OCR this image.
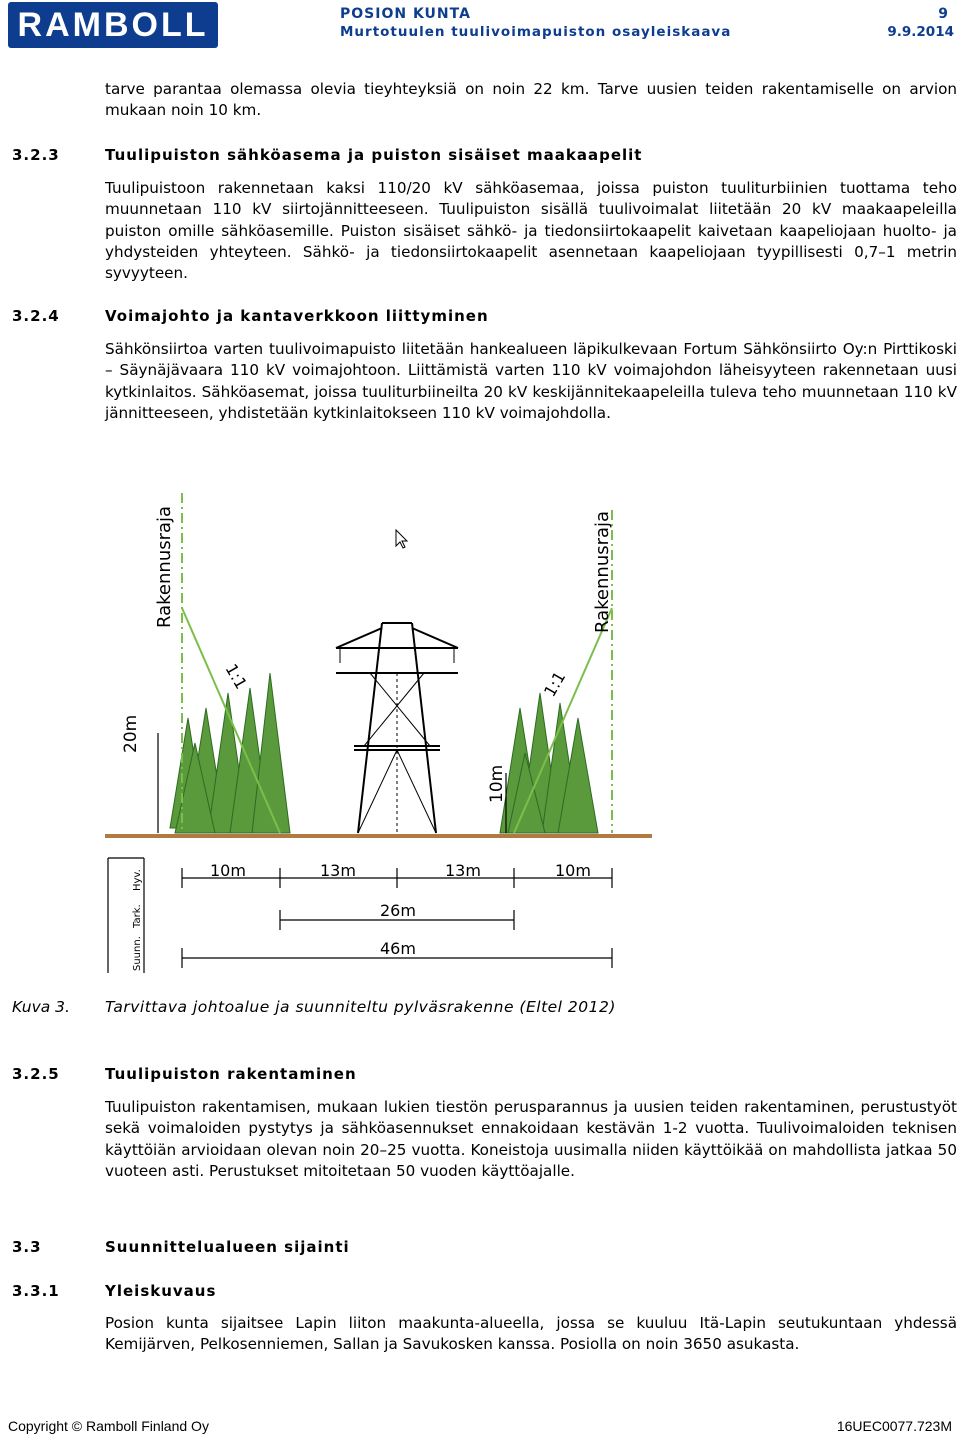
RAMBOLL	POSION KUNTA
Murtotuulen tuulivoimapuiston osayleiskaava
9
9.9.2014

tarve parantaa olemassa olevia tieyhteyksiä on noin 22 km. Tarve uusien teiden rakentamiselle on arvion mukaan noin 10 km.

3.2.3	Tuulipuiston sähköasema ja puiston sisäiset maakaapelit

Tuulipuistoon rakennetaan kaksi 110/20 kV sähköasemaa, joissa puiston tuuliturbiinien tuottama teho muunnetaan 110 kV siirtojännitteeseen. Tuulipuiston sisällä tuulivoimalat liitetään 20 kV maakaapeleilla puiston omille sähköasemille. Puiston sisäiset sähkö- ja tiedonsiirtokaapelit kaivetaan kaapeliojaan huolto- ja yhdysteiden yhteyteen. Sähkö- ja tiedonsiirtokaapelit asennetaan kaapeliojaan tyypillisesti 0,7–1 metrin syvyyteen.

3.2.4	Voimajohto ja kantaverkkoon liittyminen

Sähkönsiirtoa varten tuulivoimapuisto liitetään hankealueen läpikulkevaan Fortum Sähkönsiirto Oy:n Pirttikoski – Säynäjävaara 110 kV voimajohtoon. Liittämistä varten 110 kV voimajohdon läheisyyteen rakennetaan uusi kytkinlaitos. Sähköasemat, joissa tuuliturbiineilta 20 kV keskijännitekaapeleilla tuleva teho muunnetaan 110 kV jännitteeseen, yhdistetään kytkinlaitokseen 110 kV voimajohdolla.

Rakennusraja	Rakennusraja
1:1	1:1
20m
10m
10m	13m	13m	10m
26m
46m
Suunn.
Tark.
Hyv.
Kuva 3. Tarvittava johtoalue ja suunniteltu pylväsrakenne (Eltel 2012)
3.2.5	Tuulipuiston rakentaminen

Tuulipuiston rakentamisen, mukaan lukien tiestön perusparannus ja uusien teiden rakentaminen, perustustyöt sekä voimaloiden pystytys ja sähköasennukset ennakoidaan kestävän 1-2 vuotta. Tuulivoimaloiden teknisen käyttöiän arvioidaan olevan noin 20–25 vuotta. Koneistoja uusimalla niiden käyttöikää on mahdollista jatkaa 50 vuoteen asti. Perustukset mitoitetaan 50 vuoden käyttöajalle.

3.3	Suunnittelualueen sijainti
3.3.1	Yleiskuvaus

Posion kunta sijaitsee Lapin liiton maakunta-alueella, jossa se kuuluu Itä-Lapin seutukuntaan yhdessä Kemijärven, Pelkosenniemen, Sallan ja Savukosken kanssa. Posiolla on noin 3650 asukasta.

Copyright © Ramboll Finland Oy	16UEC0077.723M
